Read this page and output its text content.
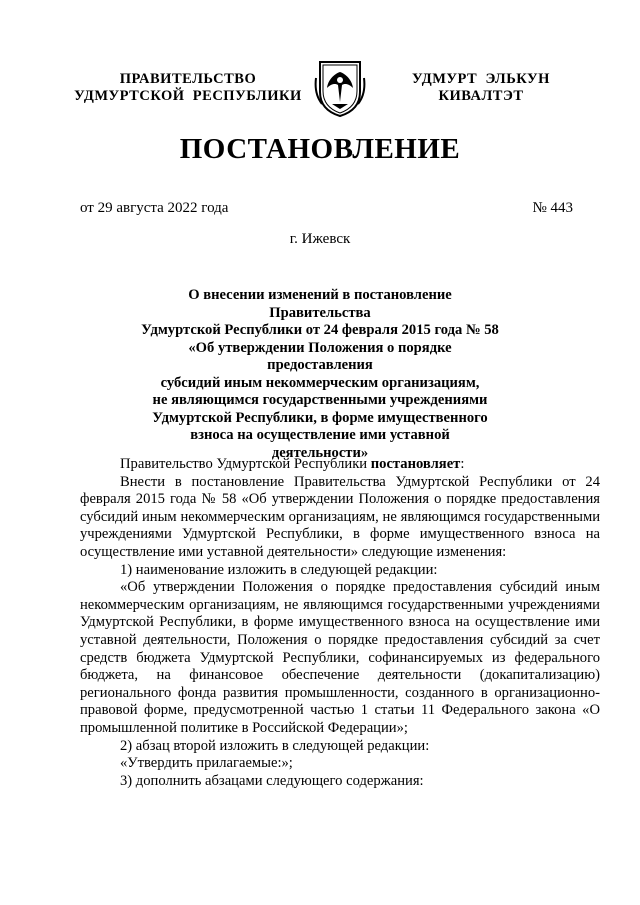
ПРАВИТЕЛЬСТВО
УДМУРТСКОЙ  РЕСПУБЛИКИ
УДМУРТ  ЭЛЬКУН
КИВАЛТЭТ
ПОСТАНОВЛЕНИЕ
от 29 августа 2022 года	№ 443
г. Ижевск
О внесении изменений в постановление Правительства
Удмуртской Республики от 24 февраля 2015 года № 58
«Об утверждении Положения о порядке предоставления
субсидий иным некоммерческим организациям,
не являющимся государственными учреждениями
Удмуртской Республики, в форме имущественного
взноса на осуществление ими уставной
деятельности»

Правительство Удмуртской Республики постановляет:

Внести в постановление Правительства Удмуртской Республики от 24 февраля 2015 года № 58 «Об утверждении Положения о порядке предоставления субсидий иным некоммерческим организациям, не являющимся государственными учреждениями Удмуртской Республики, в форме имущественного взноса на осуществление ими уставной деятельности» следующие изменения:

1) наименование изложить в следующей редакции:

«Об утверждении Положения о порядке предоставления субсидий иным некоммерческим организациям, не являющимся государственными учреждениями Удмуртской Республики, в форме имущественного взноса на осуществление ими уставной деятельности, Положения о порядке предоставления субсидий за счет средств бюджета Удмуртской Республики, софинансируемых из федерального бюджета, на финансовое обеспечение деятельности (докапитализацию) регионального фонда развития промышленности, созданного в организационно-правовой форме, предусмотренной частью 1 статьи 11 Федерального закона «О промышленной политике в Российской Федерации»;

2) абзац второй изложить в следующей редакции:

«Утвердить прилагаемые:»;

3) дополнить абзацами следующего содержания:
